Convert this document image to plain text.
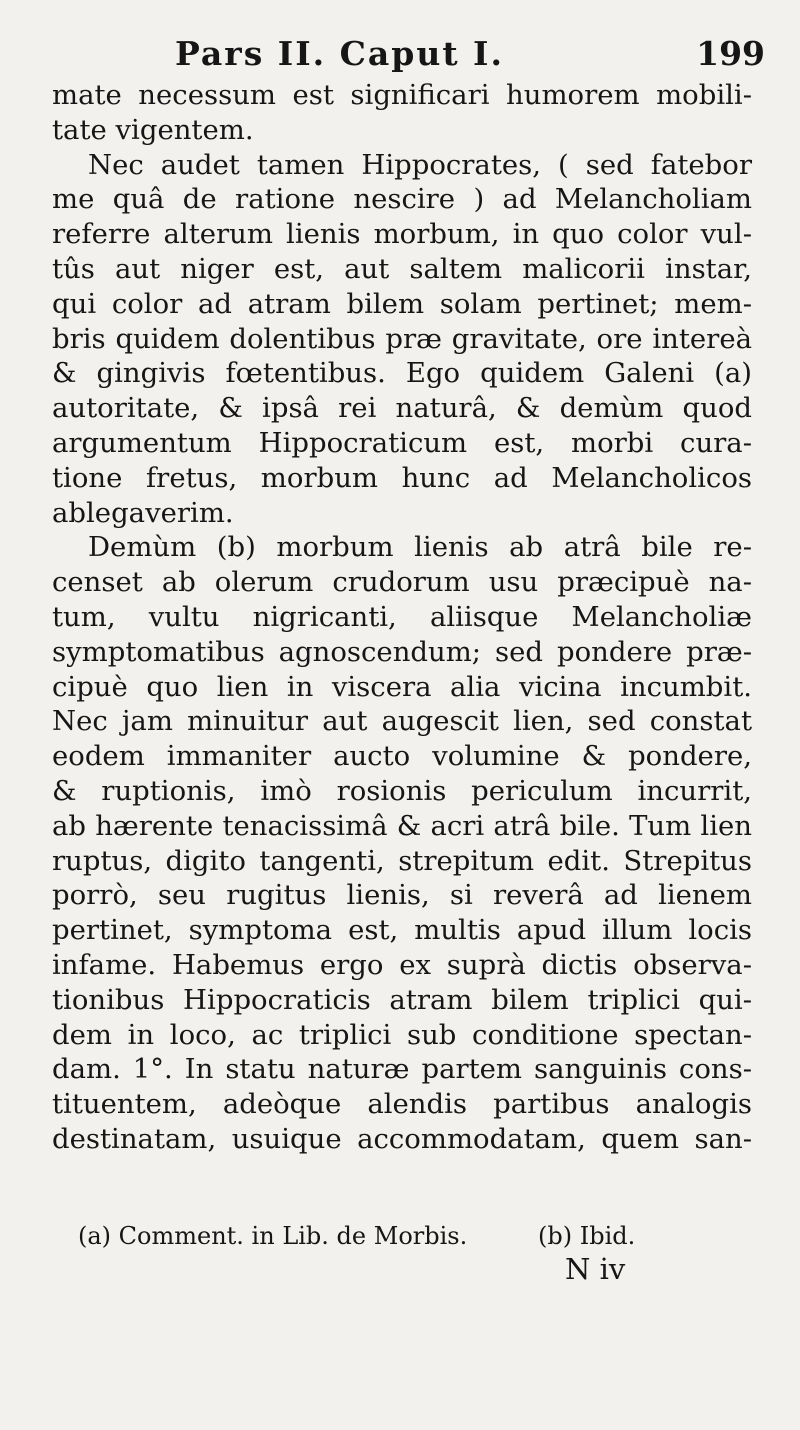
Pars II. Caput I.	199
mate necessum est significari humorem mobili-
tate vigentem.
Nec audet tamen Hippocrates, ( sed fatebor
me quâ de ratione nescire ) ad Melancholiam
referre alterum lienis morbum, in quo color vul-
tûs aut niger est, aut saltem malicorii instar,
qui color ad atram bilem solam pertinet; mem-
bris quidem dolentibus præ gravitate, ore intereà
& gingivis fœtentibus. Ego quidem Galeni (a)
autoritate, & ipsâ rei naturâ, & demùm quod
argumentum Hippocraticum est, morbi cura-
tione fretus, morbum hunc ad Melancholicos
ablegaverim.
Demùm (b) morbum lienis ab atrâ bile re-
censet ab olerum crudorum usu præcipuè na-
tum, vultu nigricanti, aliisque Melancholiæ
symptomatibus agnoscendum; sed pondere præ-
cipuè quo lien in viscera alia vicina incumbit.
Nec jam minuitur aut augescit lien, sed constat
eodem immaniter aucto volumine & pondere,
& ruptionis, imò rosionis periculum incurrit,
ab hærente tenacissimâ & acri atrâ bile. Tum lien
ruptus, digito tangenti, strepitum edit. Strepitus
porrò, seu rugitus lienis, si reverâ ad lienem
pertinet, symptoma est, multis apud illum locis
infame. Habemus ergo ex suprà dictis observa-
tionibus Hippocraticis atram bilem triplici qui-
dem in loco, ac triplici sub conditione spectan-
dam. 1°. In statu naturæ partem sanguinis cons-
tituentem, adeòque alendis partibus analogis
destinatam, usuique accommodatam, quem san-
(a) Comment. in Lib. de Morbis.	(b) Ibid.
N iv
